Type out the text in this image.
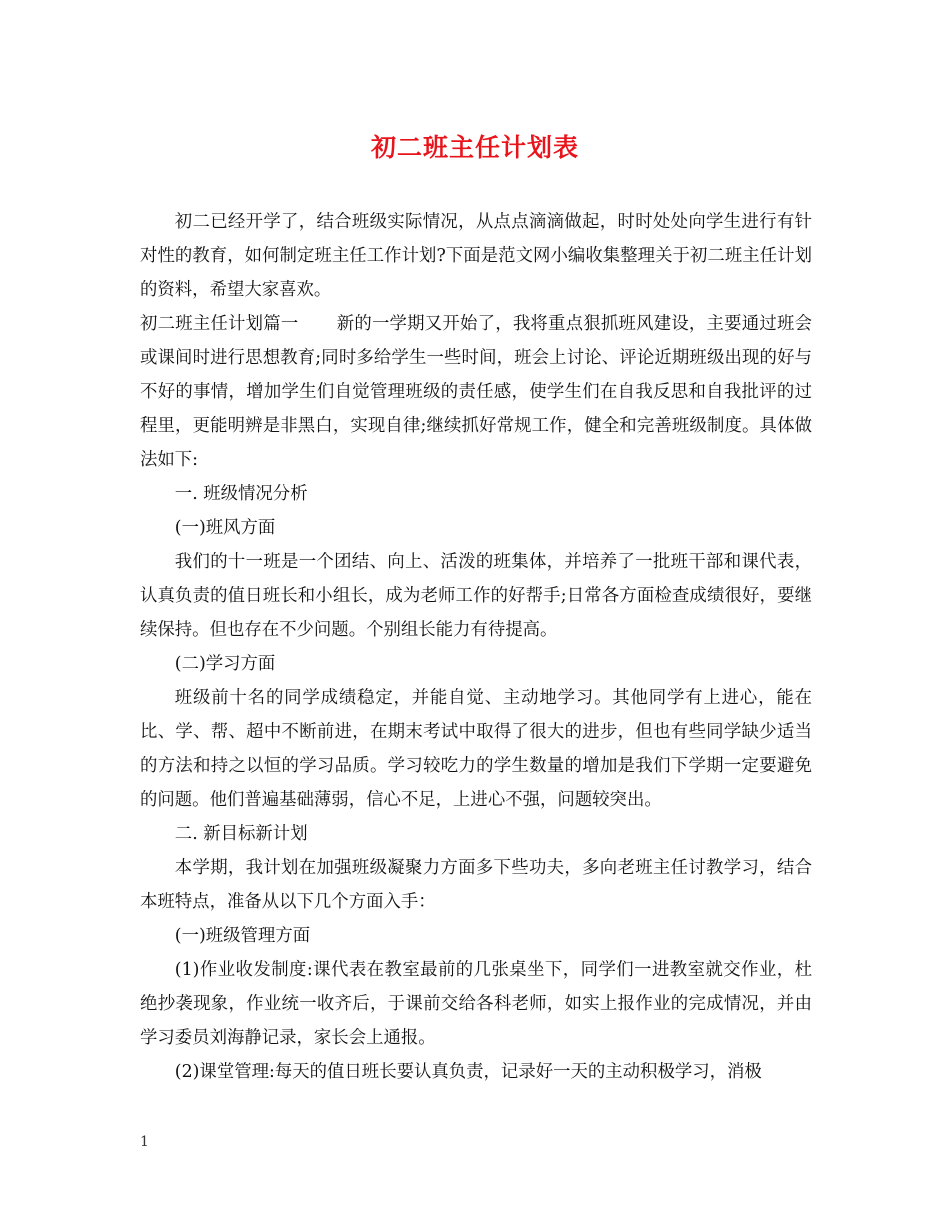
初二班主任计划表

初二已经开学了，结合班级实际情况，从点点滴滴做起，时时处处向学生进行有针对性的教育，如何制定班主任工作计划?下面是范文网小编收集整理关于初二班主任计划的资料，希望大家喜欢。

初二班主任计划篇一 新的一学期又开始了，我将重点狠抓班风建设，主要通过班会或课间时进行思想教育;同时多给学生一些时间，班会上讨论、评论近期班级出现的好与不好的事情，增加学生们自觉管理班级的责任感，使学生们在自我反思和自我批评的过程里，更能明辨是非黑白，实现自律;继续抓好常规工作，健全和完善班级制度。具体做法如下:

一. 班级情况分析

(一)班风方面

我们的十一班是一个团结、向上、活泼的班集体，并培养了一批班干部和课代表，认真负责的值日班长和小组长，成为老师工作的好帮手;日常各方面检查成绩很好，要继续保持。但也存在不少问题。个别组长能力有待提高。

(二)学习方面

班级前十名的同学成绩稳定，并能自觉、主动地学习。其他同学有上进心，能在比、学、帮、超中不断前进，在期末考试中取得了很大的进步，但也有些同学缺少适当的方法和持之以恒的学习品质。学习较吃力的学生数量的增加是我们下学期一定要避免的问题。他们普遍基础薄弱，信心不足，上进心不强，问题较突出。

二. 新目标新计划

本学期，我计划在加强班级凝聚力方面多下些功夫，多向老班主任讨教学习，结合本班特点，准备从以下几个方面入手：

(一)班级管理方面

(1)作业收发制度:课代表在教室最前的几张桌坐下，同学们一进教室就交作业，杜绝抄袭现象，作业统一收齐后，于课前交给各科老师，如实上报作业的完成情况，并由学习委员刘海静记录，家长会上通报。

(2)课堂管理:每天的值日班长要认真负责，记录好一天的主动积极学习，消极

1
